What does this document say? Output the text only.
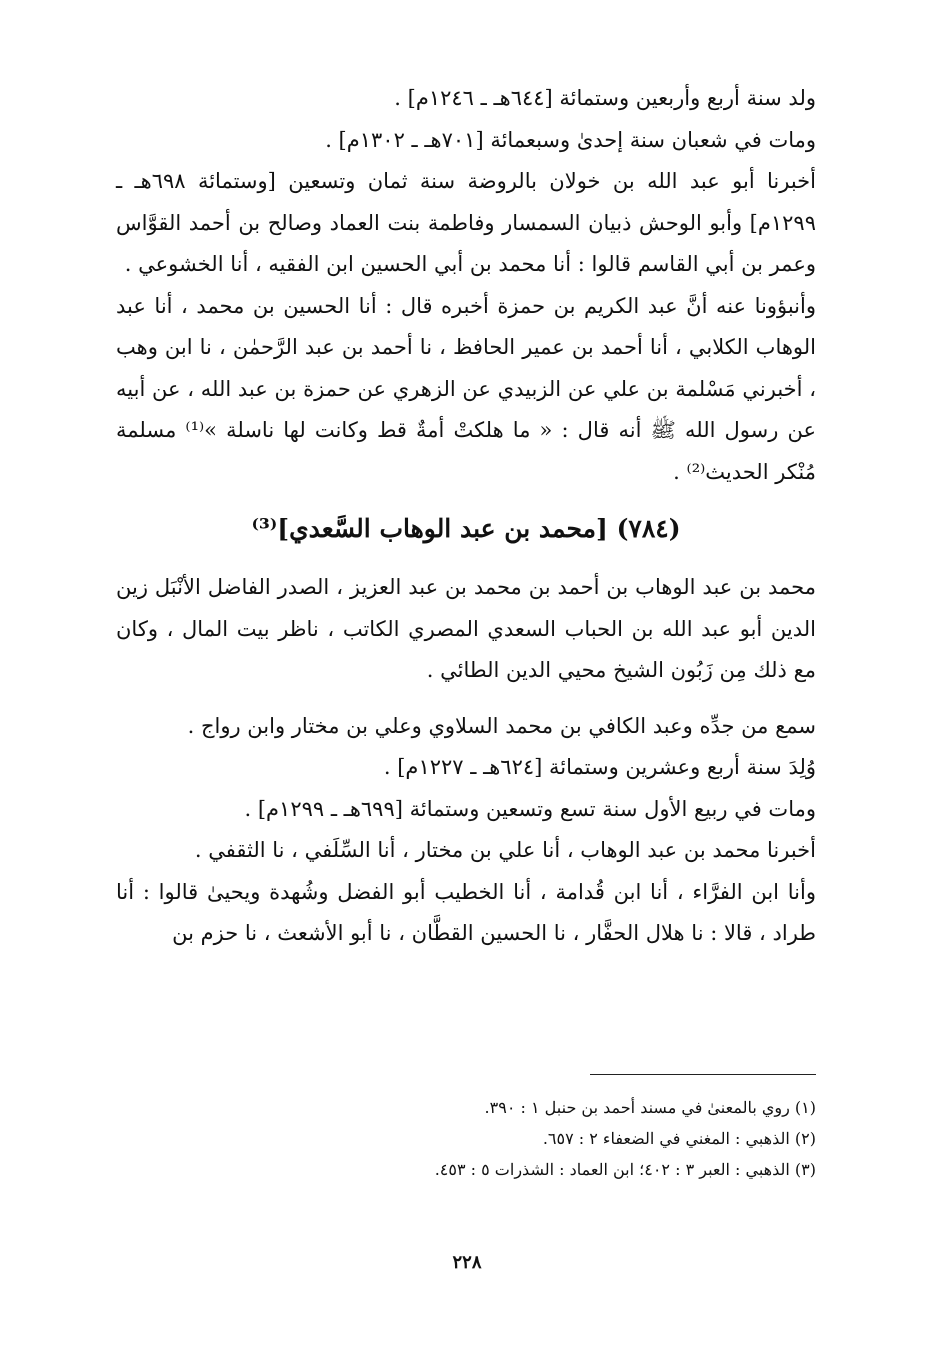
ولد سنة أربع وأربعين وستمائة [٦٤٤هـ ـ ١٢٤٦م] .

ومات في شعبان سنة إحدىٰ وسبعمائة [٧٠١هـ ـ ١٣٠٢م] .

أخبرنا أبو عبد الله بن خولان بالروضة سنة ثمان وتسعين [وستمائة ٦٩٨هـ ـ ١٢٩٩م] وأبو الوحش ذبيان السمسار وفاطمة بنت العماد وصالح بن أحمد القوَّاس وعمر بن أبي القاسم قالوا : أنا محمد بن أبي الحسين ابن الفقيه ، أنا الخشوعي .

وأنبؤونا عنه أنَّ عبد الكريم بن حمزة أخبره قال : أنا الحسين بن محمد ، أنا عبد الوهاب الكلابي ، أنا أحمد بن عمير الحافظ ، نا أحمد بن عبد الرَّحمٰن ، نا ابن وهب ، أخبرني مَسْلمة بن علي عن الزبيدي عن الزهري عن حمزة بن عبد الله ، عن أبيه عن رسول الله ﷺ أنه قال : « ما هلكتْ أمةٌ قط وكانت لها ناسلة »⁽¹⁾ مسلمة مُنْكر الحديث⁽²⁾ .

(٧٨٤) [محمد بن عبد الوهاب السَّعدي]⁽³⁾

محمد بن عبد الوهاب بن أحمد بن محمد بن عبد العزيز ، الصدر الفاضل الأنْبَل زين الدين أبو عبد الله بن الحباب السعدي المصري الكاتب ، ناظر بيت المال ، وكان مع ذلك مِن زَبُون الشيخ محيي الدين الطائي .

سمع من جدِّه وعبد الكافي بن محمد السلاوي وعلي بن مختار وابن رواج .

وُلِدَ سنة أربع وعشرين وستمائة [٦٢٤هـ ـ ١٢٢٧م] .

ومات في ربيع الأول سنة تسع وتسعين وستمائة [٦٩٩هـ ـ ١٢٩٩م] .

أخبرنا محمد بن عبد الوهاب ، أنا علي بن مختار ، أنا السِّلَفي ، نا الثقفي .

وأنا ابن الفرَّاء ، أنا ابن قُدامة ، أنا الخطيب أبو الفضل وشُهدة ويحيىٰ قالوا : أنا طراد ، قالا : نا هلال الحفَّار ، نا الحسين القطَّان ، نا أبو الأشعث ، نا حزم بن

(١) روي بالمعنىٰ في مسند أحمد بن حنبل ١ : ٣٩٠.
(٢) الذهبي : المغني في الضعفاء ٢ : ٦٥٧.
(٣) الذهبي : العبر ٣ : ٤٠٢؛ ابن العماد : الشذرات ٥ : ٤٥٣.
٢٢٨
